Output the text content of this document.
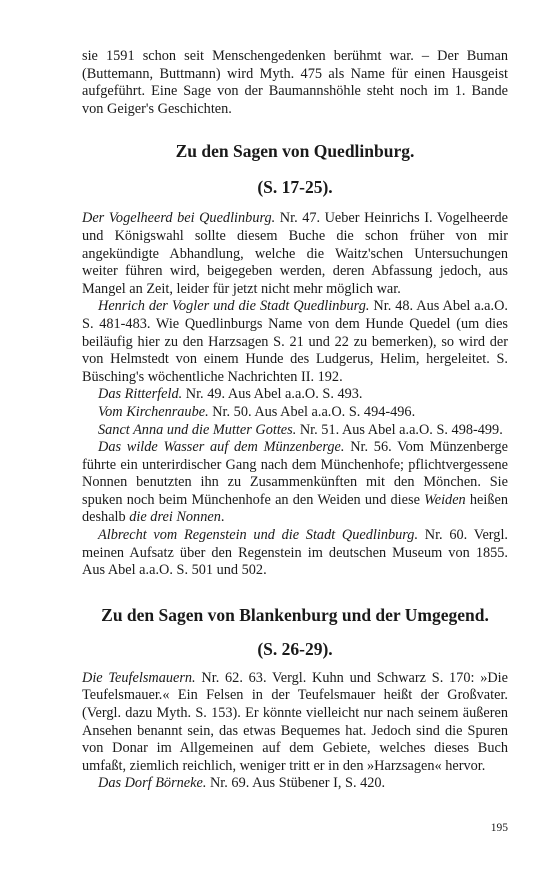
sie 1591 schon seit Menschengedenken berühmt war. – Der Buman (Buttemann, Buttmann) wird Myth. 475 als Name für einen Hausgeist aufgeführt. Eine Sage von der Baumannshöhle steht noch im 1. Bande von Geiger's Geschichten.

Zu den Sagen von Quedlinburg.
(S. 17-25).

Der Vogelheerd bei Quedlinburg. Nr. 47. Ueber Heinrichs I. Vogelheerde und Königswahl sollte diesem Buche die schon früher von mir angekündigte Abhandlung, welche die Waitz'schen Untersuchungen weiter führen wird, beigegeben werden, deren Abfassung jedoch, aus Mangel an Zeit, leider für jetzt nicht mehr möglich war.

Henrich der Vogler und die Stadt Quedlinburg. Nr. 48. Aus Abel a.a.O. S. 481-483. Wie Quedlinburgs Name von dem Hunde Quedel (um dies beiläufig hier zu den Harzsagen S. 21 und 22 zu bemerken), so wird der von Helmstedt von einem Hunde des Ludgerus, Helim, hergeleitet. S. Büsching's wöchentliche Nachrichten II. 192.

Das Ritterfeld. Nr. 49. Aus Abel a.a.O. S. 493.

Vom Kirchenraube. Nr. 50. Aus Abel a.a.O. S. 494-496.

Sanct Anna und die Mutter Gottes. Nr. 51. Aus Abel a.a.O. S. 498-499.

Das wilde Wasser auf dem Münzenberge. Nr. 56. Vom Münzenberge führte ein unterirdischer Gang nach dem Münchenhofe; pflichtvergessene Nonnen benutzten ihn zu Zusammenkünften mit den Mönchen. Sie spuken noch beim Münchenhofe an den Weiden und diese Weiden heißen deshalb die drei Nonnen.

Albrecht vom Regenstein und die Stadt Quedlinburg. Nr. 60. Vergl. meinen Aufsatz über den Regenstein im deutschen Museum von 1855. Aus Abel a.a.O. S. 501 und 502.

Zu den Sagen von Blankenburg und der Umgegend.
(S. 26-29).

Die Teufelsmauern. Nr. 62. 63. Vergl. Kuhn und Schwarz S. 170: »Die Teufelsmauer.« Ein Felsen in der Teufelsmauer heißt der Großvater. (Vergl. dazu Myth. S. 153). Er könnte vielleicht nur nach seinem äußeren Ansehen benannt sein, das etwas Bequemes hat. Jedoch sind die Spuren von Donar im Allgemeinen auf dem Gebiete, welches dieses Buch umfaßt, ziemlich reichlich, weniger tritt er in den »Harzsagen« hervor.

Das Dorf Börneke. Nr. 69. Aus Stübener I, S. 420.

195
